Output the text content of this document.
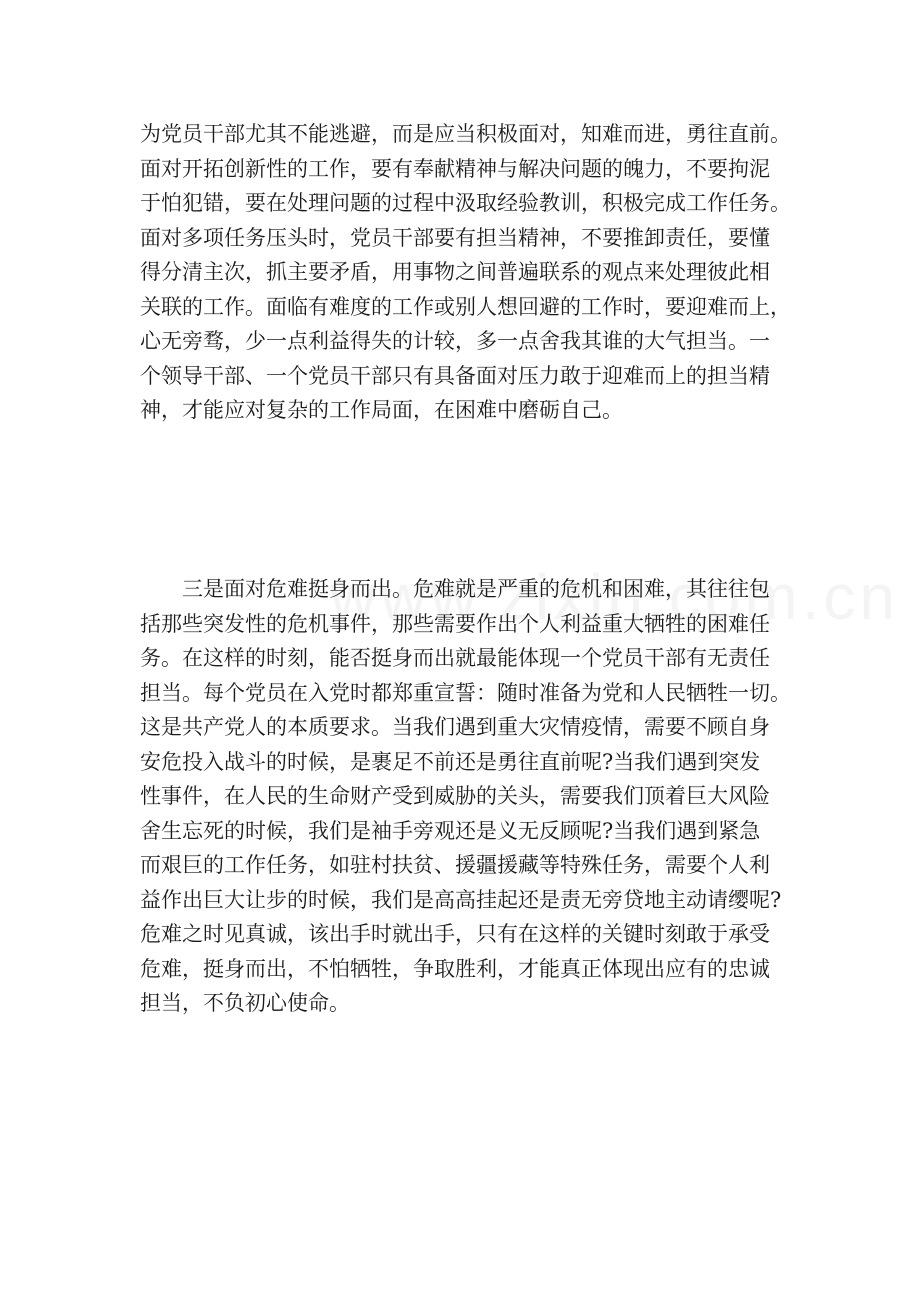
为党员干部尤其不能逃避，而是应当积极面对，知难而进，勇往直前。
面对开拓创新性的工作，要有奉献精神与解决问题的魄力，不要拘泥
于怕犯错，要在处理问题的过程中汲取经验教训，积极完成工作任务。
面对多项任务压头时，党员干部要有担当精神，不要推卸责任，要懂
得分清主次，抓主要矛盾，用事物之间普遍联系的观点来处理彼此相
关联的工作。面临有难度的工作或别人想回避的工作时，要迎难而上，
心无旁骛，少一点利益得失的计较，多一点舍我其谁的大气担当。一
个领导干部、一个党员干部只有具备面对压力敢于迎难而上的担当精
神，才能应对复杂的工作局面，在困难中磨砺自己。
　　三是面对危难挺身而出。危难就是严重的危机和困难，其往往包
括那些突发性的危机事件，那些需要作出个人利益重大牺牲的困难任
务。在这样的时刻，能否挺身而出就最能体现一个党员干部有无责任
担当。每个党员在入党时都郑重宣誓：随时准备为党和人民牺牲一切。
这是共产党人的本质要求。当我们遇到重大灾情疫情，需要不顾自身
安危投入战斗的时候，是裹足不前还是勇往直前呢?当我们遇到突发
性事件，在人民的生命财产受到威胁的关头，需要我们顶着巨大风险
舍生忘死的时候，我们是袖手旁观还是义无反顾呢?当我们遇到紧急
而艰巨的工作任务，如驻村扶贫、援疆援藏等特殊任务，需要个人利
益作出巨大让步的时候，我们是高高挂起还是责无旁贷地主动请缨呢?
危难之时见真诚，该出手时就出手，只有在这样的关键时刻敢于承受
危难，挺身而出，不怕牺牲，争取胜利，才能真正体现出应有的忠诚
担当，不负初心使命。
